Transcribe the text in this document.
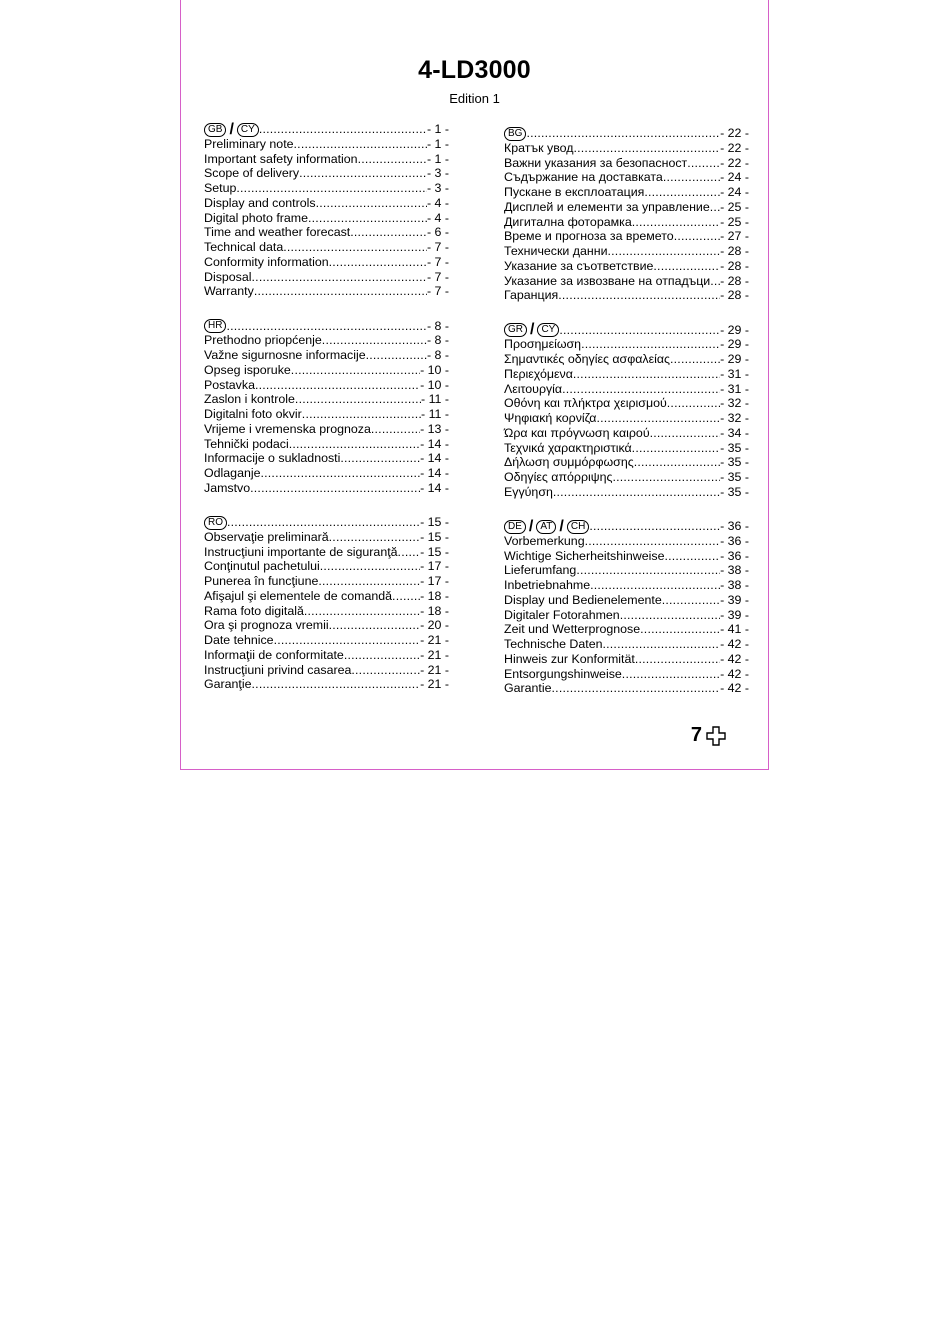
4-LD3000
Edition 1
GB / CY .....	- 1 -
Preliminary note .....	- 1 -
Important safety information .....	- 1 -
Scope of delivery .....	- 3 -
Setup .....	- 3 -
Display and controls .....	- 4 -
Digital photo frame .....	- 4 -
Time and weather forecast .....	- 6 -
Technical data .....	- 7 -
Conformity information .....	- 7 -
Disposal .....	- 7 -
Warranty .....	- 7 -
HR .....	- 8 -
Prethodno priopćenje .....	- 8 -
Važne sigurnosne informacije .....	- 8 -
Opseg isporuke .....	- 10 -
Postavka .....	- 10 -
Zaslon i kontrole .....	- 11 -
Digitalni foto okvir .....	- 11 -
Vrijeme i vremenska prognoza .....	- 13 -
Tehnički podaci .....	- 14 -
Informacije o sukladnosti .....	- 14 -
Odlaganje .....	- 14 -
Jamstvo .....	- 14 -
RO .....	- 15 -
Observaţie preliminară .....	- 15 -
Instrucţiuni importante de siguranţă ..... - 15 -
Conţinutul pachetului .....	- 17 -
Punerea în funcţiune .....	- 17 -
Afişajul şi elementele de comandă ..... - 18 -
Rama foto digitală .....	- 18 -
Ora şi prognoza vremii .....	- 20 -
Date tehnice .....	- 21 -
Informaţii de conformitate .....	- 21 -
Instrucţiuni privind casarea .....	- 21 -
Garanţie .....	- 21 -
BG .....	- 22 -
Кратък увод .....	- 22 -
Важни указания за безопасност .....	- 22 -
Съдържание на доставката .....	- 24 -
Пускане в експлоатация .....	- 24 -
Дисплей и елементи за управление ..... - 25 -
Дигитална фоторамка .....	- 25 -
Време и прогноза за времето .....	- 27 -
Технически данни .....	- 28 -
Указание за съответствие .....	- 28 -
Указание за извозване на отпадъци ..... - 28 -
Гаранция .....	- 28 -
GR / CY .....	- 29 -
Προσημείωση .....	- 29 -
Σημαντικές οδηγίες ασφαλείας .....	- 29 -
Περιεχόμενα .....	- 31 -
Λειτουργία .....	- 31 -
Οθόνη και πλήκτρα χειρισμού .....	- 32 -
Ψηφιακή κορνίζα .....	- 32 -
Ώρα και πρόγνωση καιρού .....	- 34 -
Τεχνικά χαρακτηριστικά .....	- 35 -
Δήλωση συμμόρφωσης .....	- 35 -
Οδηγίες απόρριψης .....	- 35 -
Εγγύηση .....	- 35 -
DE / AT / CH .....	- 36 -
Vorbemerkung .....	- 36 -
Wichtige Sicherheitshinweise .....	- 36 -
Lieferumfang .....	- 38 -
Inbetriebnahme .....	- 38 -
Display und Bedienelemente .....	- 39 -
Digitaler Fotorahmen .....	- 39 -
Zeit und Wetterprognose .....	- 41 -
Technische Daten .....	- 42 -
Hinweis zur Konformität .....	- 42 -
Entsorgungshinweise .....	- 42 -
Garantie .....	- 42 -
7
